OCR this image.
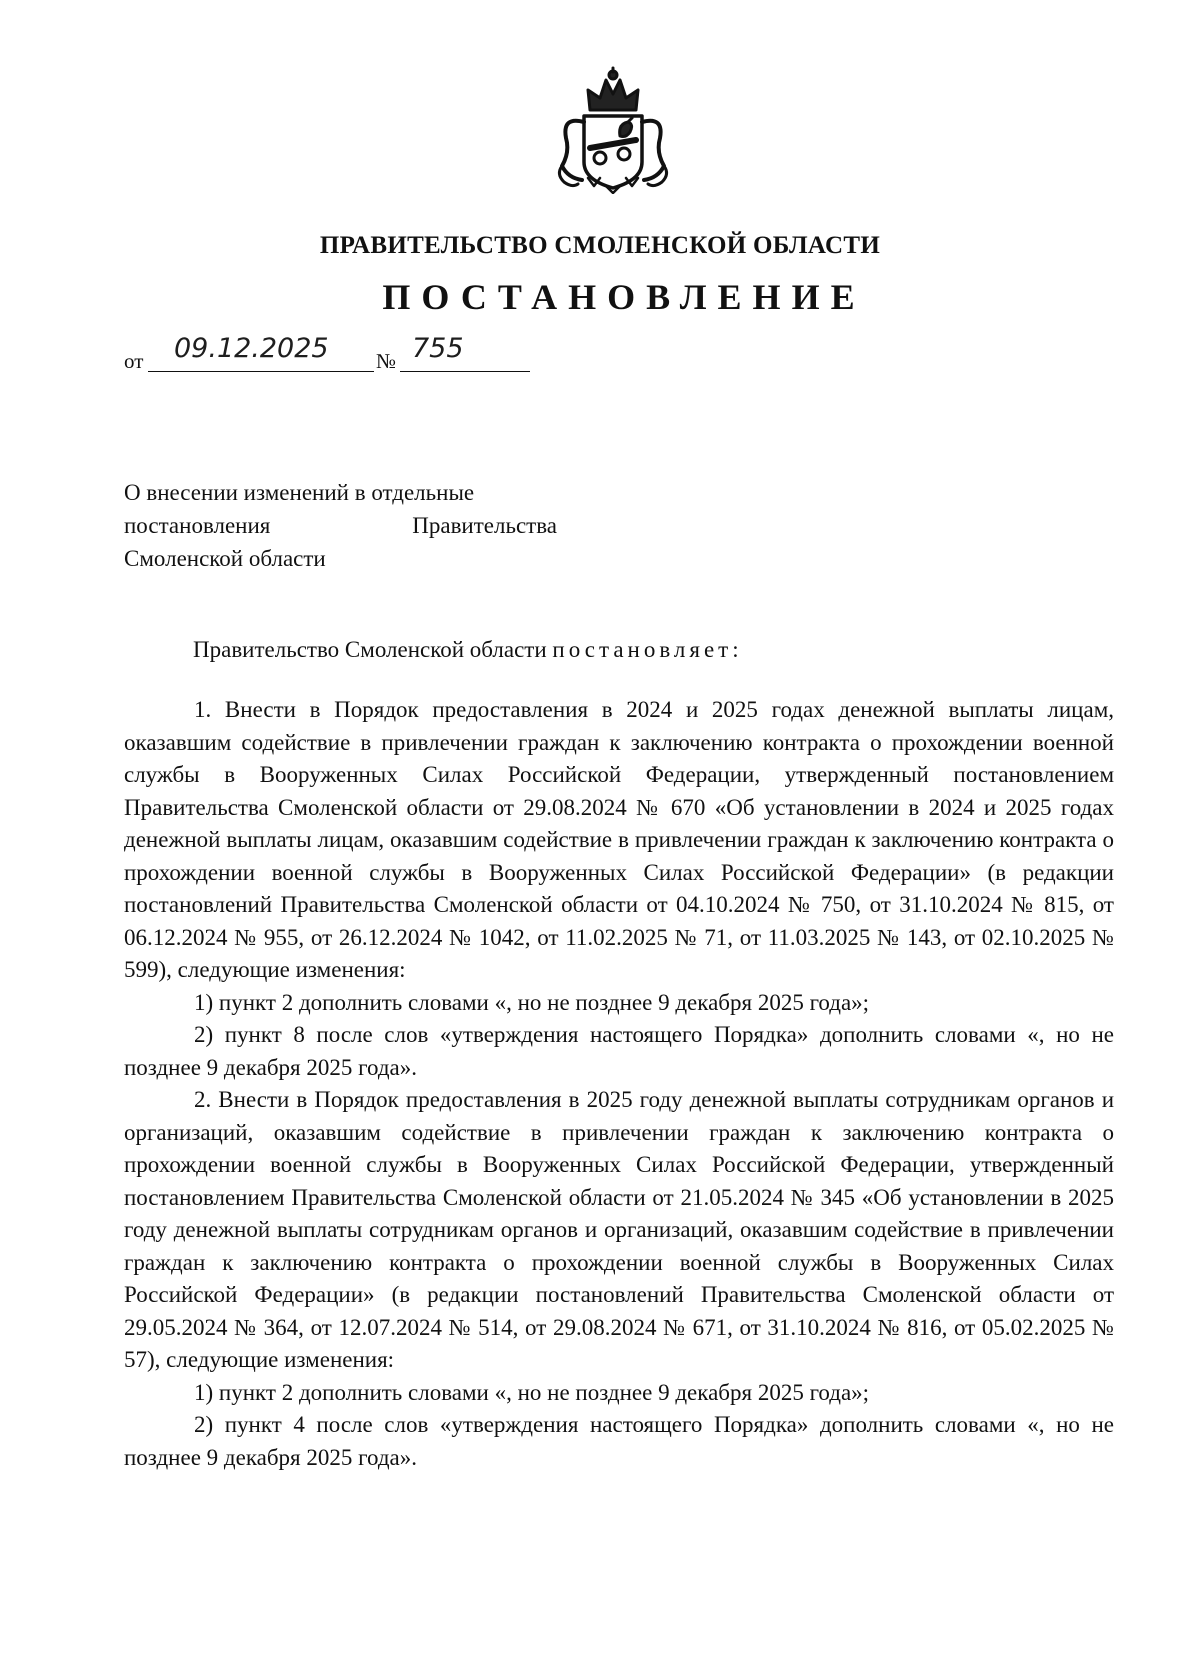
ПРАВИТЕЛЬСТВО СМОЛЕНСКОЙ ОБЛАСТИ
ПОСТАНОВЛЕНИЕ
от 09.12.2025 № 755
О внесении изменений в отдельные
постановления Правительства
Смоленской области
Правительство Смоленской области постановляет:

1. Внести в Порядок предоставления в 2024 и 2025 годах денежной выплаты лицам, оказавшим содействие в привлечении граждан к заключению контракта о прохождении военной службы в Вооруженных Силах Российской Федерации, утвержденный постановлением Правительства Смоленской области от 29.08.2024 № 670 «Об установлении в 2024 и 2025 годах денежной выплаты лицам, оказавшим содействие в привлечении граждан к заключению контракта о прохождении военной службы в Вооруженных Силах Российской Федерации» (в редакции постановлений Правительства Смоленской области от 04.10.2024 № 750, от 31.10.2024 № 815, от 06.12.2024 № 955, от 26.12.2024 № 1042, от 11.02.2025 № 71, от 11.03.2025 № 143, от 02.10.2025 № 599), следующие изменения:

1) пункт 2 дополнить словами «, но не позднее 9 декабря 2025 года»;

2) пункт 8 после слов «утверждения настоящего Порядка» дополнить словами «, но не позднее 9 декабря 2025 года».

2. Внести в Порядок предоставления в 2025 году денежной выплаты сотрудникам органов и организаций, оказавшим содействие в привлечении граждан к заключению контракта о прохождении военной службы в Вооруженных Силах Российской Федерации, утвержденный постановлением Правительства Смоленской области от 21.05.2024 № 345 «Об установлении в 2025 году денежной выплаты сотрудникам органов и организаций, оказавшим содействие в привлечении граждан к заключению контракта о прохождении военной службы в Вооруженных Силах Российской Федерации» (в редакции постановлений Правительства Смоленской области от 29.05.2024 № 364, от 12.07.2024 № 514, от 29.08.2024 № 671, от 31.10.2024 № 816, от 05.02.2025 № 57), следующие изменения:

1) пункт 2 дополнить словами «, но не позднее 9 декабря 2025 года»;

2) пункт 4 после слов «утверждения настоящего Порядка» дополнить словами «, но не позднее 9 декабря 2025 года».
